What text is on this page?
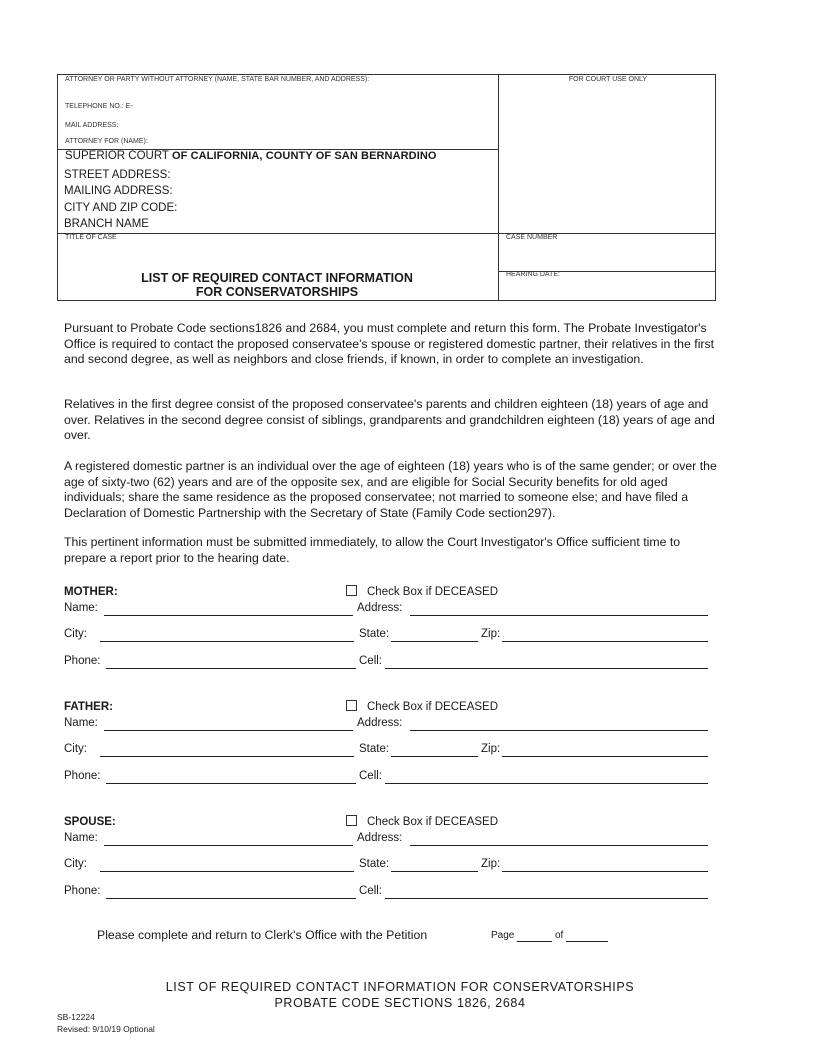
ATTORNEY OR PARTY WITHOUT ATTORNEY (NAME, STATE BAR NUMBER, AND ADDRESS):	FOR COURT USE ONLY
TELEPHONE NO.: E-
MAIL ADDRESS:
ATTORNEY FOR (NAME):
SUPERIOR COURT OF CALIFORNIA, COUNTY OF SAN BERNARDINO
STREET ADDRESS:
MAILING ADDRESS:
CITY AND ZIP CODE:
BRANCH NAME
TITLE OF CASE	CASE NUMBER
HEARING DATE:
LIST OF REQUIRED CONTACT INFORMATION
FOR CONSERVATORSHIPS
Pursuant to Probate Code sections1826 and 2684, you must complete and return this form. The Probate Investigator's Office is required to contact the proposed conservatee's spouse or registered domestic partner, their relatives in the first and second degree, as well as neighbors and close friends, if known, in order to complete an investigation.
Relatives in the first degree consist of the proposed conservatee's parents and children eighteen (18) years of age and over. Relatives in the second degree consist of siblings, grandparents and grandchildren eighteen (18) years of age and over.
A registered domestic partner is an individual over the age of eighteen (18) years who is of the same gender; or over the age of sixty-two (62) years and are of the opposite sex, and are eligible for Social Security benefits for old aged individuals; share the same residence as the proposed conservatee; not married to someone else; and have filed a Declaration of Domestic Partnership with the Secretary of State (Family Code section297).
This pertinent information must be submitted immediately, to allow the Court Investigator's Office sufficient time to prepare a report prior to the hearing date.
MOTHER:	Check Box if DECEASED
Name:	Address:
City:	State:	Zip:
Phone:	Cell:
FATHER:	Check Box if DECEASED
Name:	Address:
City:	State:	Zip:
Phone:	Cell:
SPOUSE:	Check Box if DECEASED
Name:	Address:
City:	State:	Zip:
Phone:	Cell:
Please complete and return to Clerk's Office with the Petition	Page	of
LIST OF REQUIRED CONTACT INFORMATION FOR CONSERVATORSHIPS
PROBATE CODE SECTIONS 1826, 2684
SB-12224
Revised: 9/10/19 Optional
